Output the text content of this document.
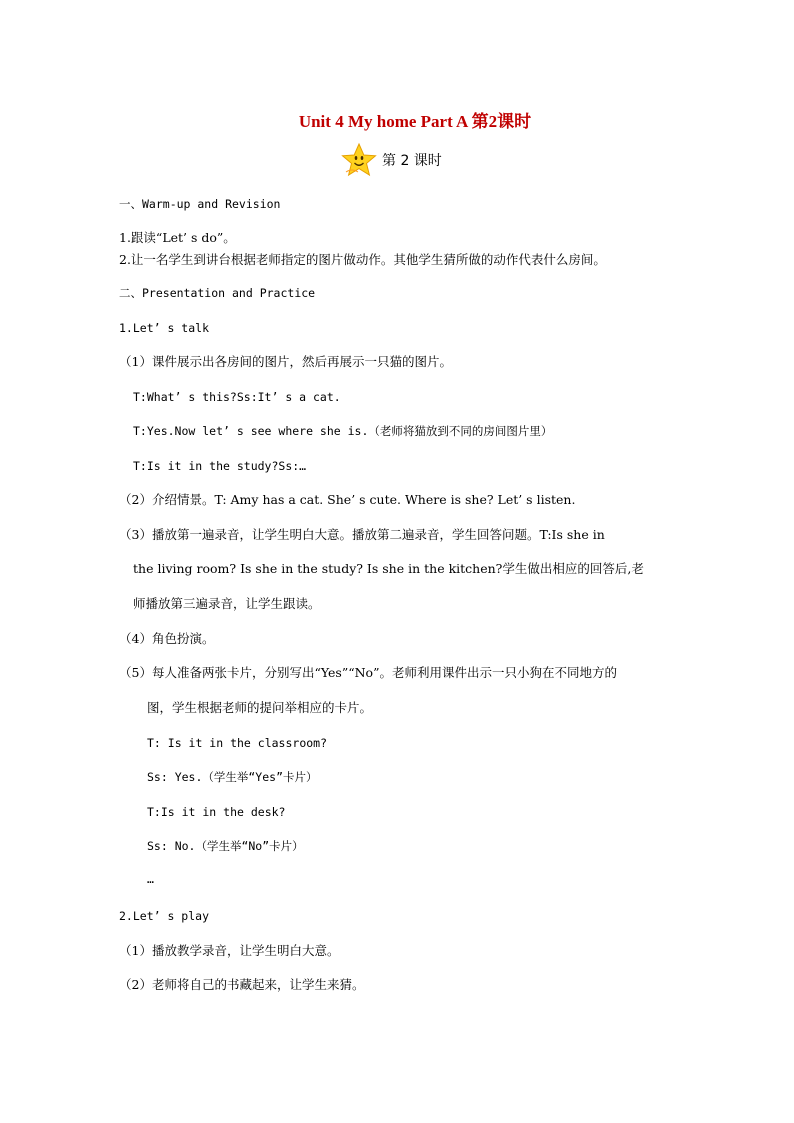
Unit 4 My home Part A 第2课时
第 2 课时
一、Warm-up and Revision
1.跟读“Let’ s do”。
2.让一名学生到讲台根据老师指定的图片做动作。其他学生猜所做的动作代表什么房间。
二、Presentation and Practice
1.Let’ s talk
（1）课件展示出各房间的图片，然后再展示一只猫的图片。
T:What’ s this?Ss:It’ s a cat.
T:Yes.Now let’ s see where she is.（老师将猫放到不同的房间图片里）
T:Is it in the study?Ss:…
（2）介绍情景。T: Amy has a cat. She’ s cute. Where is she? Let’ s listen.
（3）播放第一遍录音，让学生明白大意。播放第二遍录音，学生回答问题。T:Is she in
the living room? Is she in the study? Is she in the kitchen?学生做出相应的回答后,老
师播放第三遍录音，让学生跟读。
（4）角色扮演。
（5）每人准备两张卡片，分别写出“Yes”“No”。老师利用课件出示一只小狗在不同地方的
图，学生根据老师的提问举相应的卡片。
T: Is it in the classroom?
Ss: Yes.（学生举“Yes”卡片）
T:Is it in the desk?
Ss: No.（学生举“No”卡片）
…
2.Let’ s play
（1）播放教学录音，让学生明白大意。
（2）老师将自己的书藏起来，让学生来猜。
